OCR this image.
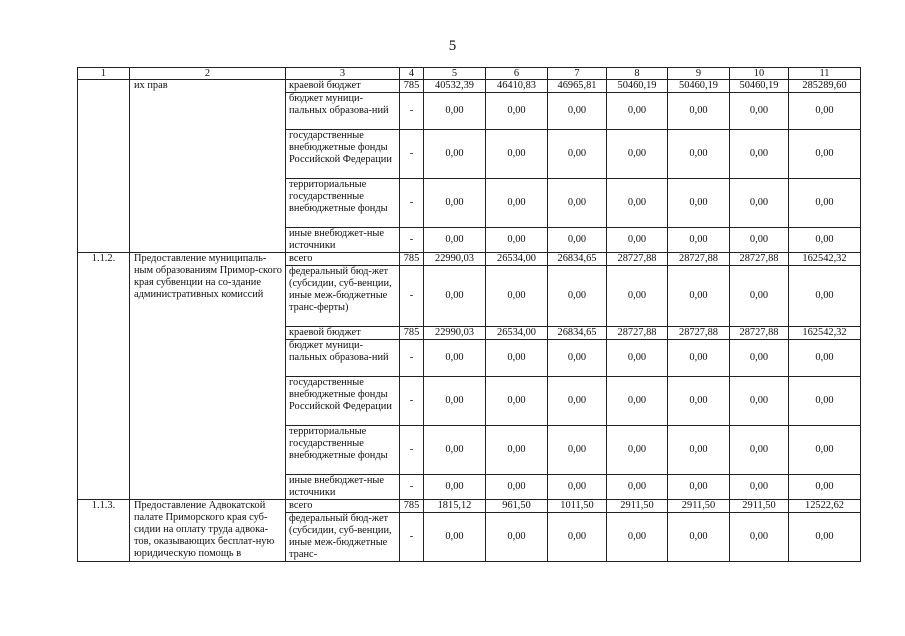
5
1	2	3	4	5	6	7	8	9	10	11
	их прав	краевой бюджет	785	40532,39	46410,83	46965,81	50460,19	50460,19	50460,19	285289,60
		бюджет муници-пальных образова-ний	-	0,00	0,00	0,00	0,00	0,00	0,00	0,00
		государственные внебюджетные фонды Российской Федерации	-	0,00	0,00	0,00	0,00	0,00	0,00	0,00
		территориальные государственные внебюджетные фонды	-	0,00	0,00	0,00	0,00	0,00	0,00	0,00
		иные внебюджет-ные источники	-	0,00	0,00	0,00	0,00	0,00	0,00	0,00
1.1.2.	Предоставление муниципаль-ным образованиям Примор-ского края субвенции на со-здание административных комиссий	всего	785	22990,03	26534,00	26834,65	28727,88	28727,88	28727,88	162542,32
		федеральный бюд-жет (субсидии, суб-венции, иные меж-бюджетные транс-ферты)	-	0,00	0,00	0,00	0,00	0,00	0,00	0,00
		краевой бюджет	785	22990,03	26534,00	26834,65	28727,88	28727,88	28727,88	162542,32
		бюджет муници-пальных образова-ний	-	0,00	0,00	0,00	0,00	0,00	0,00	0,00
		государственные внебюджетные фонды Российской Федерации	-	0,00	0,00	0,00	0,00	0,00	0,00	0,00
		территориальные государственные внебюджетные фонды	-	0,00	0,00	0,00	0,00	0,00	0,00	0,00
		иные внебюджет-ные источники	-	0,00	0,00	0,00	0,00	0,00	0,00	0,00
1.1.3.	Предоставление Адвокатской палате Приморского края суб-сидии на оплату труда адвока-тов, оказывающих бесплат-ную юридическую помощь в	всего	785	1815,12	961,50	1011,50	2911,50	2911,50	2911,50	12522,62
		федеральный бюд-жет (субсидии, суб-венции, иные меж-бюджетные транс-	-	0,00	0,00	0,00	0,00	0,00	0,00	0,00
